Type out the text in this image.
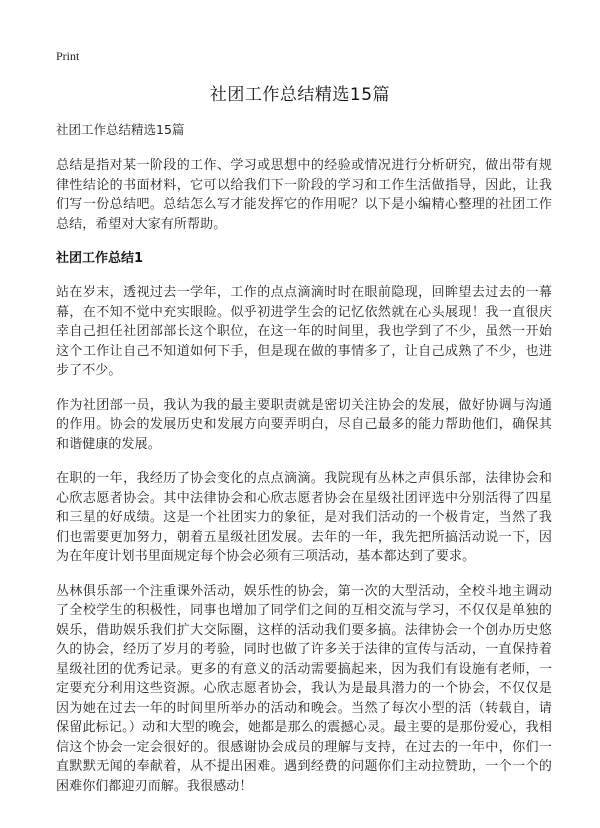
Print
社团工作总结精选15篇

社团工作总结精选15篇

总结是指对某一阶段的工作、学习或思想中的经验或情况进行分析研究，做出带有规律性结论的书面材料，它可以给我们下一阶段的学习和工作生活做指导，因此，让我们写一份总结吧。总结怎么写才能发挥它的作用呢？以下是小编精心整理的社团工作总结，希望对大家有所帮助。

社团工作总结1

站在岁末，透视过去一学年，工作的点点滴滴时时在眼前隐现，回眸望去过去的一幕幕，在不知不觉中充实眼睑。似乎初进学生会的记忆依然就在心头展现！我一直很庆幸自己担任社团部部长这个职位，在这一年的时间里，我也学到了不少，虽然一开始这个工作让自己不知道如何下手，但是现在做的事情多了，让自己成熟了不少，也进步了不少。

作为社团部一员，我认为我的最主要职责就是密切关注协会的发展，做好协调与沟通的作用。协会的发展历史和发展方向要弄明白，尽自己最多的能力帮助他们，确保其和谐健康的发展。

在职的一年，我经历了协会变化的点点滴滴。我院现有丛林之声俱乐部，法律协会和心欣志愿者协会。其中法律协会和心欣志愿者协会在星级社团评选中分别活得了四星和三星的好成绩。这是一个社团实力的象征，是对我们活动的一个极肯定，当然了我们也需要更加努力，朝着五星级社团发展。去年的一年，我先把所搞活动说一下，因为在年度计划书里面规定每个协会必须有三项活动，基本都达到了要求。

丛林俱乐部一个注重课外活动，娱乐性的协会，第一次的大型活动，全校斗地主调动了全校学生的积极性，同事也增加了同学们之间的互相交流与学习，不仅仅是单独的娱乐，借助娱乐我们扩大交际圈，这样的活动我们要多搞。法律协会一个创办历史悠久的协会，经历了岁月的考验，同时也做了许多关于法律的宣传与活动，一直保持着星级社团的优秀记录。更多的有意义的活动需要搞起来，因为我们有设施有老师，一定要充分利用这些资源。心欣志愿者协会，我认为是最具潜力的一个协会，不仅仅是因为她在过去一年的时间里所举办的活动和晚会。当然了每次小型的活（转载自，请保留此标记。）动和大型的晚会，她都是那么的震撼心灵。最主要的是那份爱心，我相信这个协会一定会很好的。很感谢协会成员的理解与支持，在过去的一年中，你们一直默默无闻的奉献着，从不提出困难。遇到经费的问题你们主动拉赞助，一个一个的困难你们都迎刃而解。我很感动！
